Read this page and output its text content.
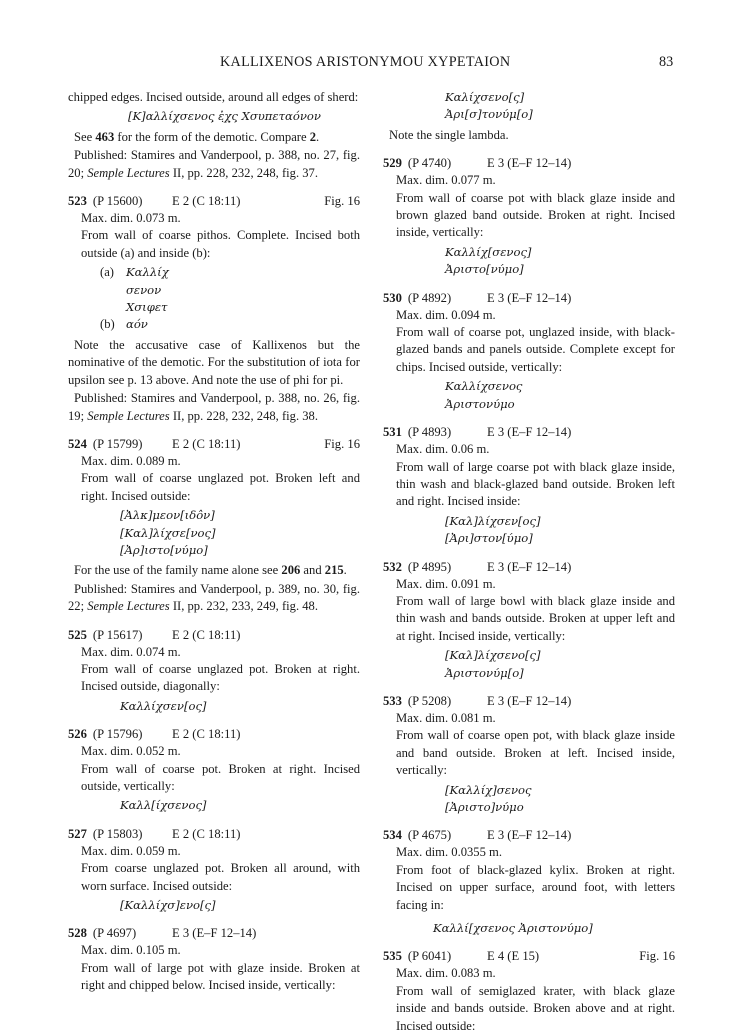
KALLIXENOS ARISTONYMOU XYPETAION	83

chipped edges. Incised outside, around all edges of sherd:

[Κ]αλλίχσενος̣ ἐ̣χ̣ς̣ Χσυπεταόνον

See 463 for the form of the demotic. Compare 2.

Published: Stamires and Vanderpool, p. 388, no. 27, fig. 20; Semple Lectures II, pp. 228, 232, 248, fig. 37.

523 (P 15600) E 2 (C 18:11)	Fig. 16

Max. dim. 0.073 m.

From wall of coarse pithos. Complete. Incised both outside (a) and inside (b):

(a) Καλλίχ
σενον
Χσιφετ
(b) αόν

Note the accusative case of Kallixenos but the nominative of the demotic. For the substitution of iota for upsilon see p. 13 above. And note the use of phi for pi.

Published: Stamires and Vanderpool, p. 388, no. 26, fig. 19; Semple Lectures II, pp. 228, 232, 248, fig. 38.

524 (P 15799) E 2 (C 18:11)	Fig. 16

Max. dim. 0.089 m.

From wall of coarse unglazed pot. Broken left and right. Incised outside:

[Ἀλκ]μεον[ιδôν]
[Καλ]λίχσε[νος]
[Ἀρ]ιστο[νύμο]

For the use of the family name alone see 206 and 215.

Published: Stamires and Vanderpool, p. 389, no. 30, fig. 22; Semple Lectures II, pp. 232, 233, 249, fig. 48.

525 (P 15617) E 2 (C 18:11)

Max. dim. 0.074 m.

From wall of coarse unglazed pot. Broken at right. Incised outside, diagonally:

Καλλίχσεν[ος]
526 (P 15796) E 2 (C 18:11)

Max. dim. 0.052 m.

From wall of coarse pot. Broken at right. Incised outside, vertically:

Καλλ[ίχσενος]
527 (P 15803) E 2 (C 18:11)

Max. dim. 0.059 m.

From coarse unglazed pot. Broken all around, with worn surface. Incised outside:

[Καλλίχσ]ενο[ς]
528 (P 4697)	E 3 (E–F 12–14)

Max. dim. 0.105 m.

From wall of large pot with glaze inside. Broken at right and chipped below. Incised inside, vertically:

Καλίχσενο[ς]
Ἀρι[σ]τονύμ[ο]

Note the single lambda.

529 (P 4740)	E 3 (E–F 12–14)

Max. dim. 0.077 m.

From wall of coarse pot with black glaze inside and brown glazed band outside. Broken at right. Incised inside, vertically:

Καλλίχ[σενος]
Ἀριστο[νύμο]
530 (P 4892)	E 3 (E–F 12–14)

Max. dim. 0.094 m.

From wall of coarse pot, unglazed inside, with black-glazed bands and panels outside. Complete except for chips. Incised outside, vertically:

Καλλίχσενος
Ἀριστονύμο
531 (P 4893)	E 3 (E–F 12–14)

Max. dim. 0.06 m.

From wall of large coarse pot with black glaze inside, thin wash and black-glazed band outside. Broken left and right. Incised inside:

[Καλ]λίχσεν[ος]
[Ἀρι]στον[ύμο]
532 (P 4895)	E 3 (E–F 12–14)

Max. dim. 0.091 m.

From wall of large bowl with black glaze inside and thin wash and bands outside. Broken at upper left and at right. Incised inside, vertically:

[Καλ]λίχσενο[ς]
Ἀριστονύμ[ο]
533 (P 5208)	E 3 (E–F 12–14)

Max. dim. 0.081 m.

From wall of coarse open pot, with black glaze inside and band outside. Broken at left. Incised inside, vertically:

[Καλλίχ]σενος
[Ἀριστο]νύμο
534 (P 4675)	E 3 (E–F 12–14)

Max. dim. 0.0355 m.

From foot of black-glazed kylix. Broken at right. Incised on upper surface, around foot, with letters facing in:

Καλλί[χσενος Ἀριστονύμο]
535 (P 6041)	E 4 (E 15)	Fig. 16

Max. dim. 0.083 m.

From wall of semiglazed krater, with black glaze inside and bands outside. Broken above and at right. Incised outside:
